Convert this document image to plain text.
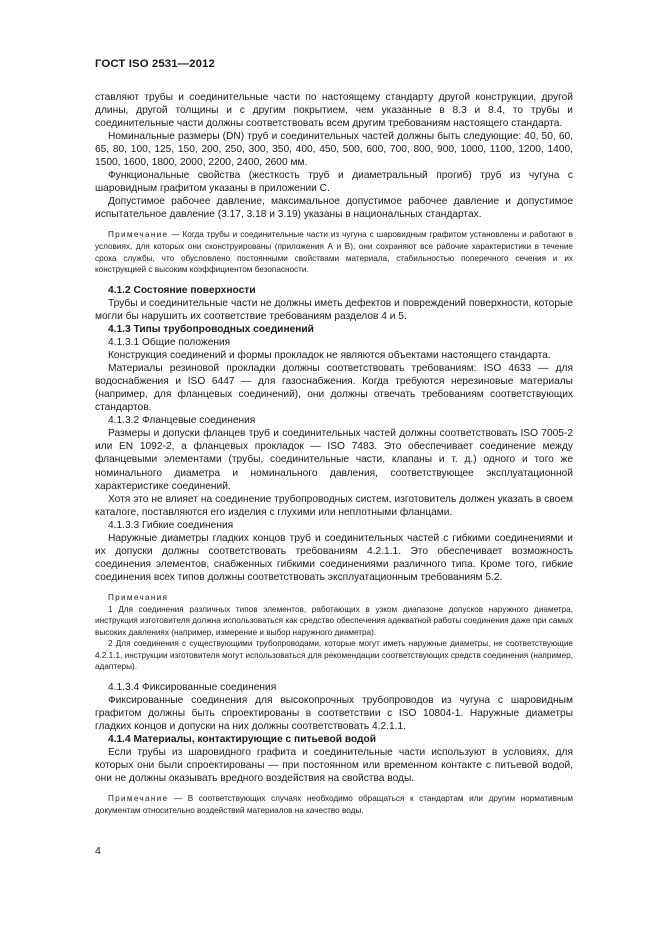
ГОСТ ISO 2531—2012

ставляют трубы и соединительные части по настоящему стандарту другой конструкции, другой длины, другой толщины и с другим покрытием, чем указанные в 8.3 и 8.4, то трубы и соединительные части должны соответствовать всем другим требованиям настоящего стандарта.

Номинальные размеры (DN) труб и соединительных частей должны быть следующие: 40, 50, 60, 65, 80, 100, 125, 150, 200, 250, 300, 350, 400, 450, 500, 600, 700, 800, 900, 1000, 1100, 1200, 1400, 1500, 1600, 1800, 2000, 2200, 2400, 2600 мм.

Функциональные свойства (жесткость труб и диаметральный прогиб) труб из чугуна с шаровидным графитом указаны в приложении С.

Допустимое рабочее давление, максимальное допустимое рабочее давление и допустимое испытательное давление (3.17, 3.18 и 3.19) указаны в национальных стандартах.

Примечание — Когда трубы и соединительные части из чугуна с шаровидным графитом установлены и работают в условиях, для которых они сконструированы (приложения А и В), они сохраняют все рабочие характеристики в течение срока службы, что обусловлено постоянными свойствами материала, стабильностью поперечного сечения и их конструкцией с высоким коэффициентом безопасности.

4.1.2 Состояние поверхности

Трубы и соединительные части не должны иметь дефектов и повреждений поверхности, которые могли бы нарушить их соответствие требованиям разделов 4 и 5.

4.1.3 Типы трубопроводных соединений

4.1.3.1 Общие положения

Конструкция соединений и формы прокладок не являются объектами настоящего стандарта.

Материалы резиновой прокладки должны соответствовать требованиям: ISO 4633 — для водоснабжения и ISO 6447 — для газоснабжения. Когда требуются нерезиновые материалы (например, для фланцевых соединений), они должны отвечать требованиям соответствующих стандартов.

4.1.3.2 Фланцевые соединения

Размеры и допуски фланцев труб и соединительных частей должны соответствовать ISO 7005-2 или EN 1092-2, а фланцевых прокладок — ISO 7483. Это обеспечивает соединение между фланцевыми элементами (трубы, соединительные части, клапаны и т. д.) одного и того же номинального диаметра и номинального давления, соответствующее эксплуатационной характеристике соединений.

Хотя это не влияет на соединение трубопроводных систем, изготовитель должен указать в своем каталоге, поставляются его изделия с глухими или неплотными фланцами.

4.1.3.3 Гибкие соединения

Наружные диаметры гладких концов труб и соединительных частей с гибкими соединениями и их допуски должны соответствовать требованиям 4.2.1.1. Это обеспечивает возможность соединения элементов, снабженных гибкими соединениями различного типа. Кроме того, гибкие соединения всех типов должны соответствовать эксплуатационным требованиям 5.2.

Примечания

1 Для соединения различных типов элементов, работающих в узком диапазоне допусков наружного диаметра, инструкция изготовителя должна использоваться как средство обеспечения адекватной работы соединения даже при самых высоких давлениях (например, измерение и выбор наружного диаметра).

2 Для соединения с существующими трубопроводами, которые могут иметь наружные диаметры, не соответствующие 4.2.1.1, инструкции изготовителя могут использоваться для рекомендации соответствующих средств соединения (например, адаптеры).

4.1.3.4 Фиксированные соединения

Фиксированные соединения для высокопрочных трубопроводов из чугуна с шаровидным графитом должны быть спроектированы в соответствии с ISO 10804-1. Наружные диаметры гладких концов и допуски на них должны соответствовать 4.2.1.1.

4.1.4 Материалы, контактирующие с питьевой водой

Если трубы из шаровидного графита и соединительные части используют в условиях, для которых они были спроектированы — при постоянном или временном контакте с питьевой водой, они не должны оказывать вредного воздействия на свойства воды.

Примечание — В соответствующих случаях необходимо обращаться к стандартам или другим нормативным документам относительно воздействий материалов на качество воды.

4
